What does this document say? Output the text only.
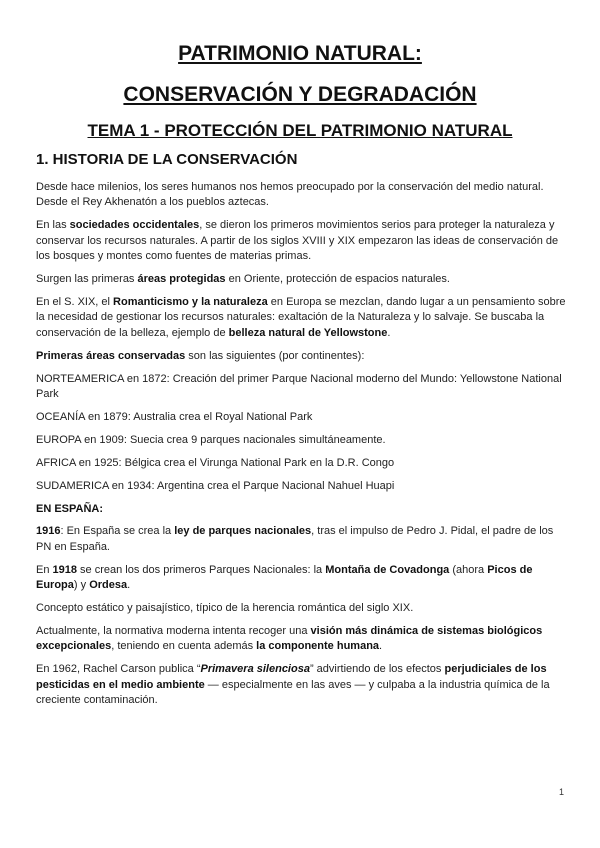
PATRIMONIO NATURAL:
CONSERVACIÓN Y DEGRADACIÓN
TEMA 1 - PROTECCIÓN DEL PATRIMONIO NATURAL
1. HISTORIA DE LA CONSERVACIÓN

Desde hace milenios, los seres humanos nos hemos preocupado por la conservación del medio natural. Desde el Rey Akhenatón a los pueblos aztecas.

En las sociedades occidentales, se dieron los primeros movimientos serios para proteger la naturaleza y conservar los recursos naturales. A partir de los siglos XVIII y XIX empezaron las ideas de conservación de los bosques y montes como fuentes de materias primas.

Surgen las primeras áreas protegidas en Oriente, protección de espacios naturales.

En el S. XIX, el Romanticismo y la naturaleza en Europa se mezclan, dando lugar a un pensamiento sobre la necesidad de gestionar los recursos naturales: exaltación de la Naturaleza y lo salvaje. Se buscaba la conservación de la belleza, ejemplo de belleza natural de Yellowstone.

Primeras áreas conservadas son las siguientes (por continentes):

NORTEAMERICA en 1872: Creación del primer Parque Nacional moderno del Mundo: Yellowstone National Park

OCEANÍA en 1879: Australia crea el Royal National Park

EUROPA en 1909: Suecia crea 9 parques nacionales simultáneamente.

AFRICA en 1925: Bélgica crea el Virunga National Park en la D.R. Congo

SUDAMERICA en 1934: Argentina crea el Parque Nacional Nahuel Huapi

EN ESPAÑA:

1916: En España se crea la ley de parques nacionales, tras el impulso de Pedro J. Pidal, el padre de los PN en España.

En 1918 se crean los dos primeros Parques Nacionales: la Montaña de Covadonga (ahora Picos de Europa) y Ordesa.

Concepto estático y paisajístico, típico de la herencia romántica del siglo XIX.

Actualmente, la normativa moderna intenta recoger una visión más dinámica de sistemas biológicos excepcionales, teniendo en cuenta además la componente humana.

En 1962, Rachel Carson publica “Primavera silenciosa” advirtiendo de los efectos perjudiciales de los pesticidas en el medio ambiente — especialmente en las aves — y culpaba a la industria química de la creciente contaminación.

1
